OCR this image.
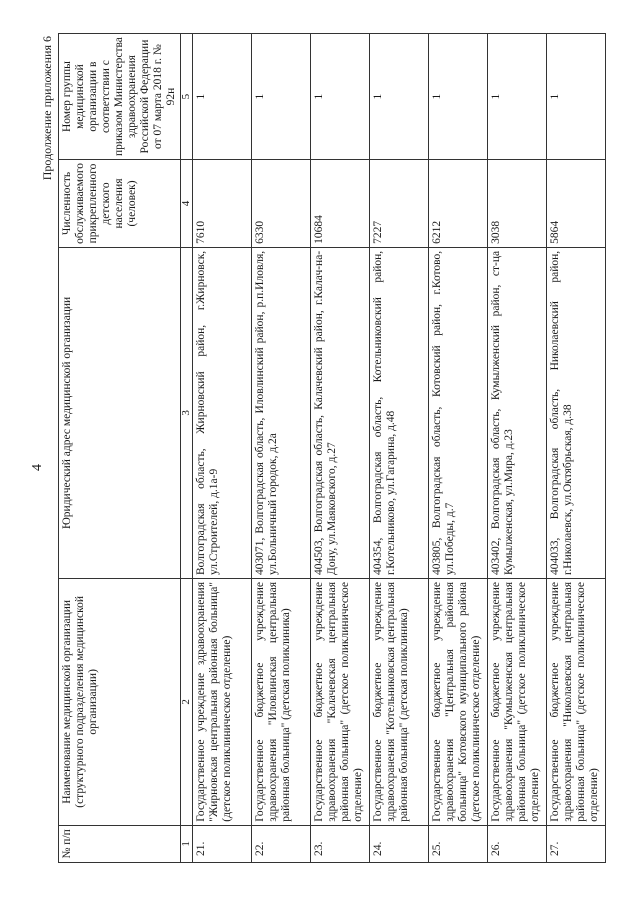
4
Продолжение приложения 6
№ п/п	Наименование медицинской организации (структурного подразделения медицинской организации)	Юридический адрес медицинской организации	Численность обслуживаемого прикрепленного детского населения (человек)	Номер группы медицинской организации в соответствии с приказом Министерства здравоохранения Российской Федерации от 07 марта 2018 г. № 92н
1	2	3	4	5
21.	Государственное учреждение здравоохранения "Жирновская центральная районная больница" (детское поликлиническое отделение)	Волгоградская область, Жирновский район, г.Жирновск, ул.Строителей, д.1а-9	7610	1
22.	Государственное бюджетное учреждение здравоохранения "Иловлинская центральная районная больница" (детская поликлиника)	403071, Волгоградская область, Иловлинский район, р.п.Иловля, ул.Больничный городок, д.2а	6330	1
23.	Государственное бюджетное учреждение здравоохранения "Калачевская центральная районная больница" (детское поликлиническое отделение)	404503, Волгоградская область, Калачевский район, г.Калач-на-Дону, ул.Маяковского, д.27	10684	1
24.	Государственное бюджетное учреждение здравоохранения "Котельниковская центральная районная больница" (детская поликлиника)	404354, Волгоградская область, Котельниковский район, г.Котельниково, ул.Гагарина, д.48	7227	1
25.	Государственное бюджетное учреждение здравоохранения "Центральная районная больница" Котовского муниципального района (детское поликлиническое отделение)	403805, Волгоградская область, Котовский район, г.Котово, ул.Победы, д.7	6212	1
26.	Государственное бюджетное учреждение здравоохранения "Кумылженская центральная районная больница" (детское поликлиническое отделение)	403402, Волгоградская область, Кумылженский район, ст-ца Кумылженская, ул.Мира, д.23	3038	1
27.	Государственное бюджетное учреждение здравоохранения "Николаевская центральная районная больница" (детское поликлиническое отделение)	404033, Волгоградская область, Николаевский район, г.Николаевск, ул.Октябрьская, д.38	5864	1
